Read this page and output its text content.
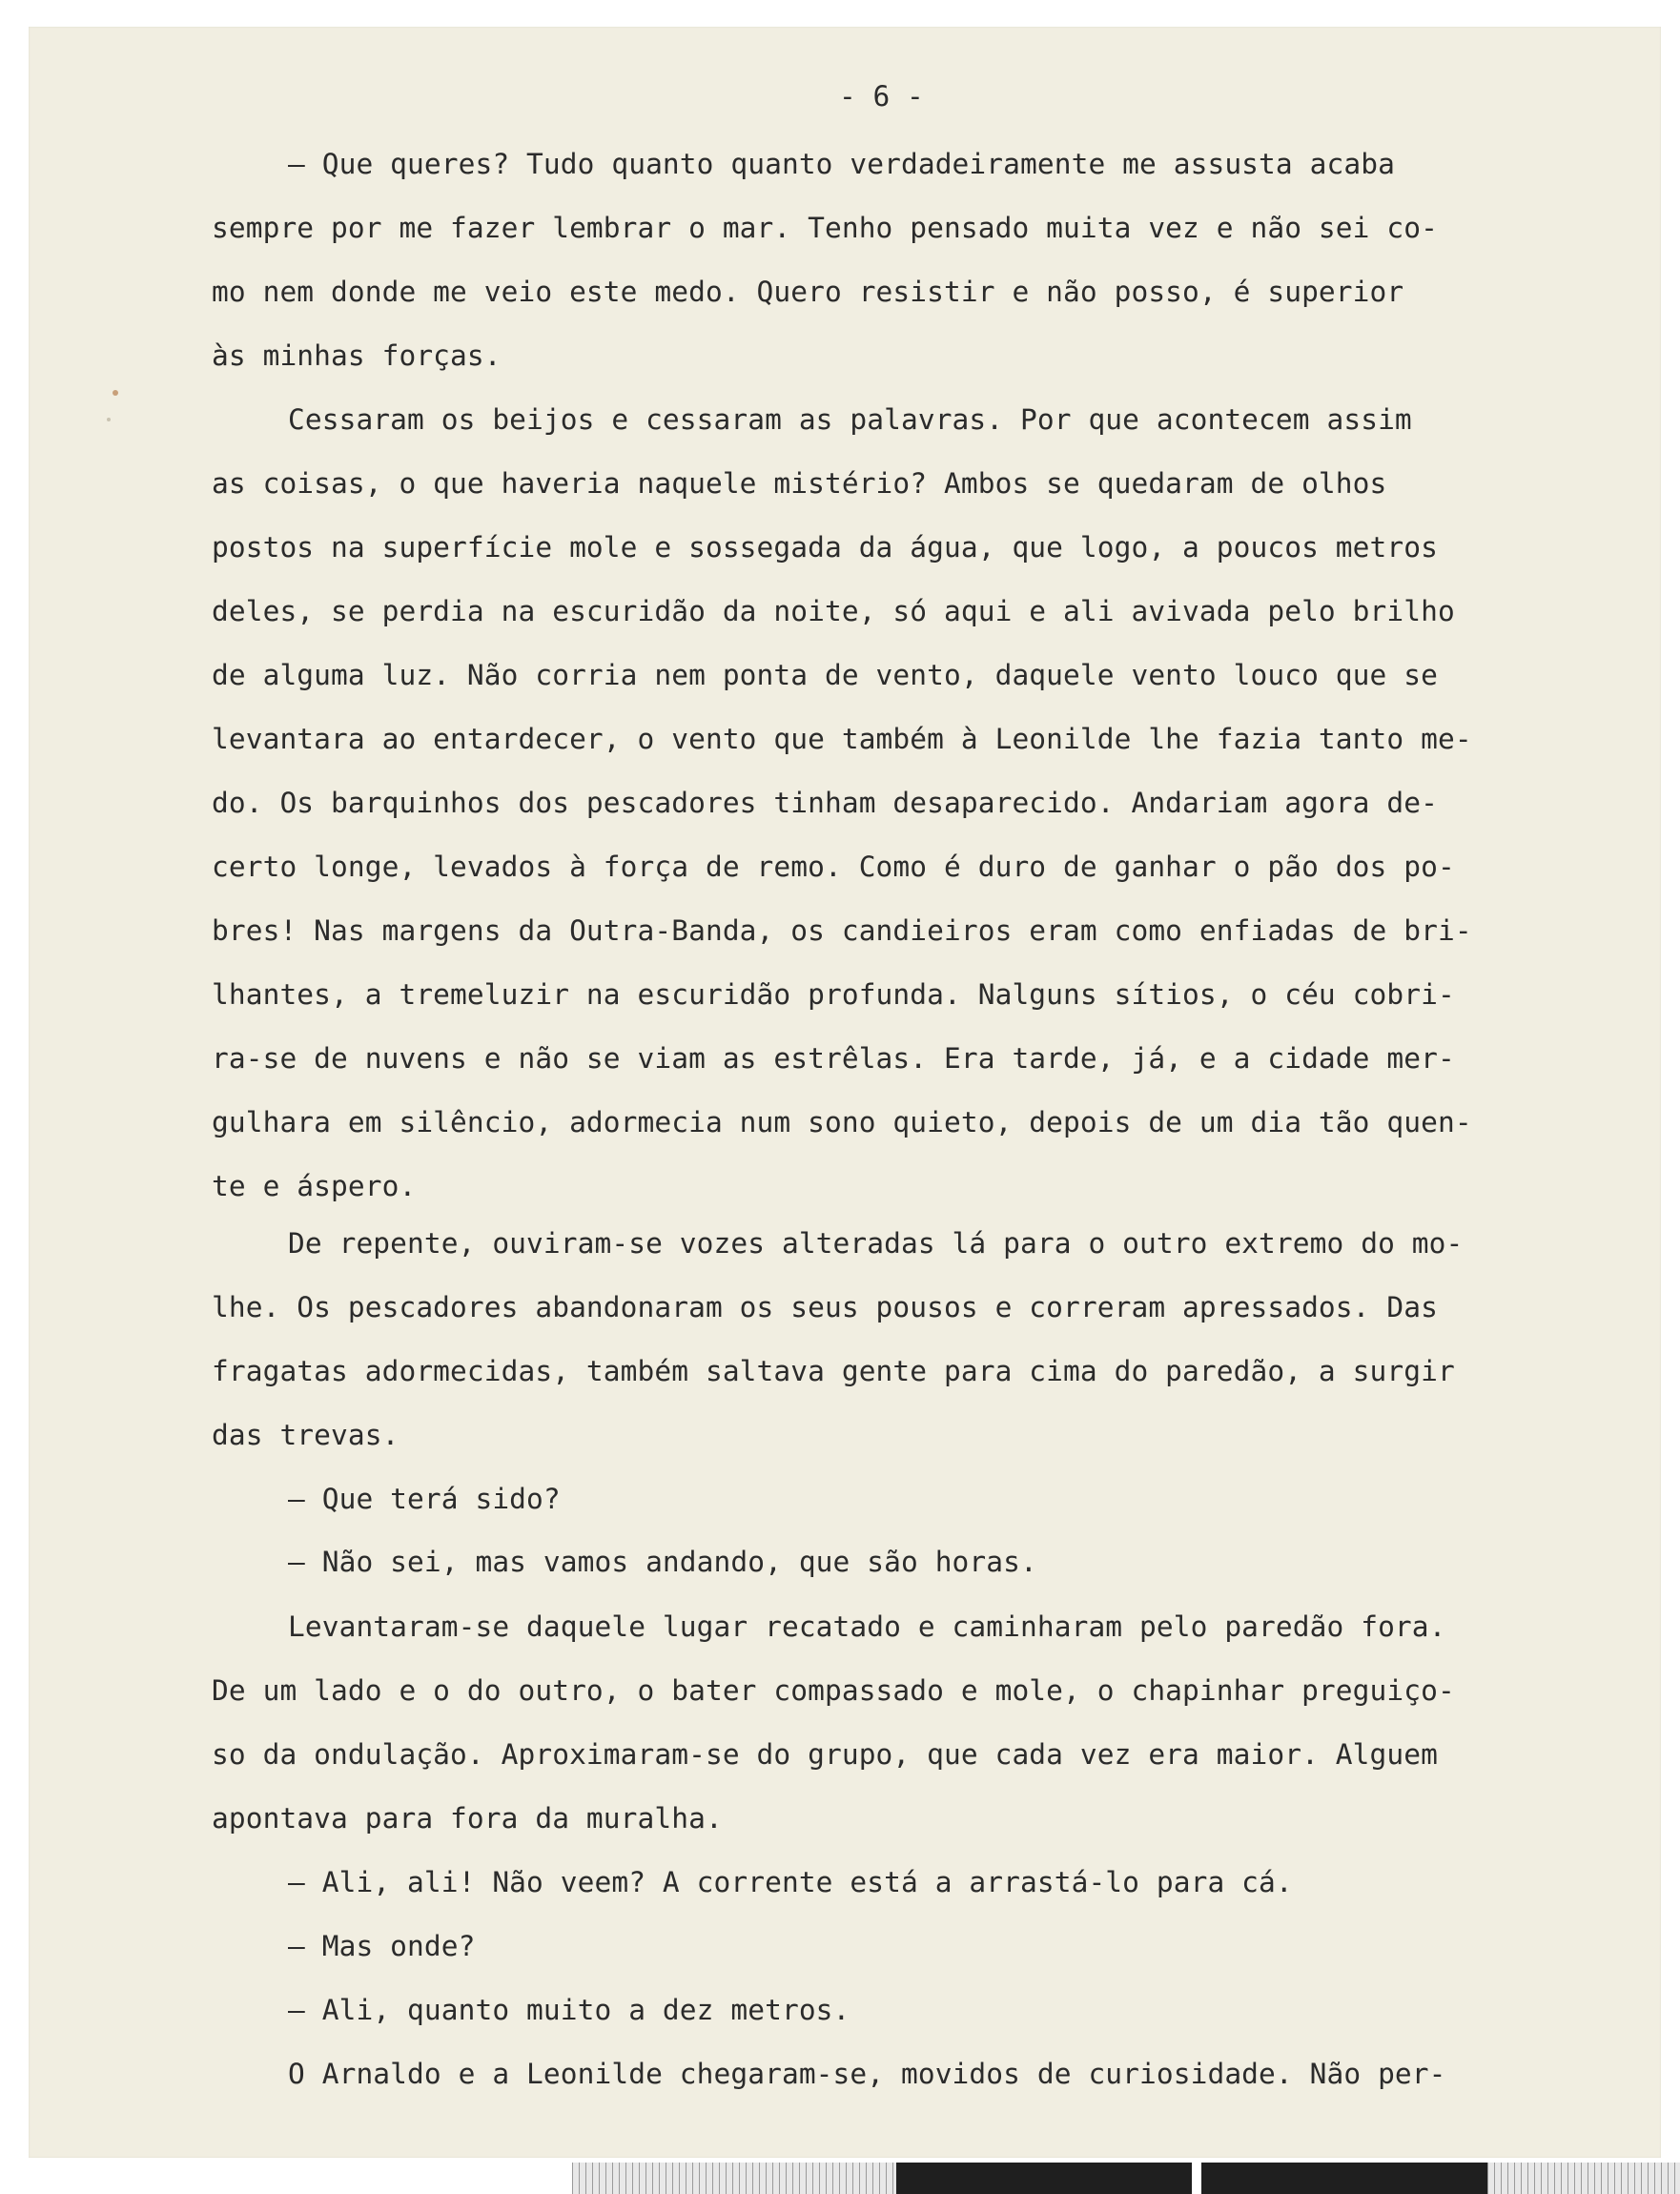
- 6 -
— Que queres? Tudo quanto quanto verdadeiramente me assusta acaba
sempre por me fazer lembrar o mar. Tenho pensado muita vez e não sei co-
mo nem donde me veio este medo. Quero resistir e não posso, é superior
às minhas forças.
Cessaram os beijos e cessaram as palavras. Por que acontecem assim
as coisas, o que haveria naquele mistério? Ambos se quedaram de olhos
postos na superfície mole e sossegada da água, que logo, a poucos metros
deles, se perdia na escuridão da noite, só aqui e ali avivada pelo brilho
de alguma luz. Não corria nem ponta de vento, daquele vento louco que se
levantara ao entardecer, o vento que também à Leonilde lhe fazia tanto me-
do. Os barquinhos dos pescadores tinham desaparecido. Andariam agora de-
certo longe, levados à força de remo. Como é duro de ganhar o pão dos po-
bres! Nas margens da Outra-Banda, os candieiros eram como enfiadas de bri-
lhantes, a tremeluzir na escuridão profunda. Nalguns sítios, o céu cobri-
ra-se de nuvens e não se viam as estrêlas. Era tarde, já, e a cidade mer-
gulhara em silêncio, adormecia num sono quieto, depois de um dia tão quen-
te e áspero.
De repente, ouviram-se vozes alteradas lá para o outro extremo do mo-
lhe. Os pescadores abandonaram os seus pousos e correram apressados. Das
fragatas adormecidas, também saltava gente para cima do paredão, a surgir
das trevas.
— Que terá sido?
— Não sei, mas vamos andando, que são horas.
Levantaram-se daquele lugar recatado e caminharam pelo paredão fora.
De um lado e o do outro, o bater compassado e mole, o chapinhar preguiço-
so da ondulação. Aproximaram-se do grupo, que cada vez era maior. Alguem
apontava para fora da muralha.
— Ali, ali! Não veem? A corrente está a arrastá-lo para cá.
— Mas onde?
— Ali, quanto muito a dez metros.
O Arnaldo e a Leonilde chegaram-se, movidos de curiosidade. Não per-
